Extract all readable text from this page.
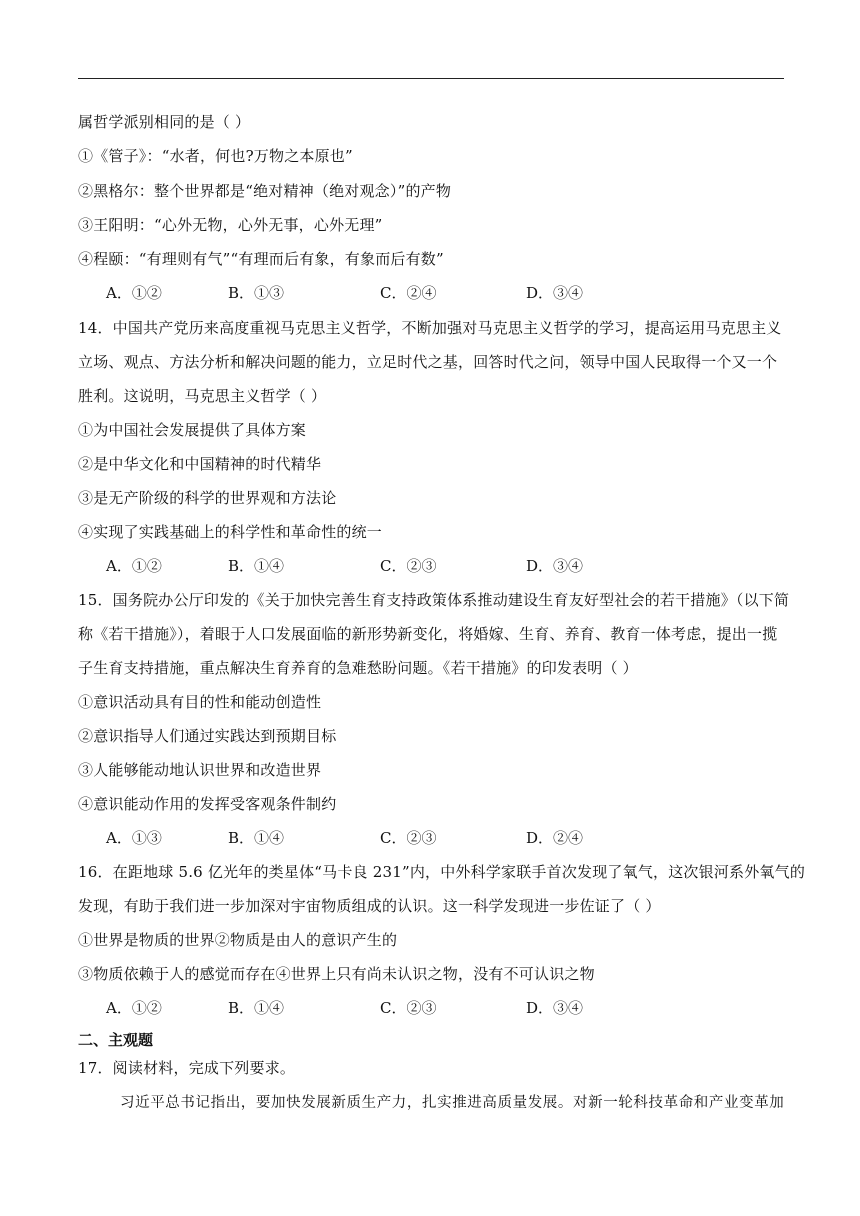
属哲学派别相同的是（ ）
①《管子》：“水者，何也?万物之本原也”
②黑格尔：整个世界都是“绝对精神（绝对观念）”的产物
③王阳明：“心外无物，心外无事，心外无理”
④程颐：“有理则有气”“有理而后有象，有象而后有数”
A．①②	B．①③	C．②④	D．③④
14．中国共产党历来高度重视马克思主义哲学，不断加强对马克思主义哲学的学习，提高运用马克思主义
立场、观点、方法分析和解决问题的能力，立足时代之基，回答时代之问，领导中国人民取得一个又一个
胜利。这说明，马克思主义哲学（ ）
①为中国社会发展提供了具体方案
②是中华文化和中国精神的时代精华
③是无产阶级的科学的世界观和方法论
④实现了实践基础上的科学性和革命性的统一
A．①②	B．①④	C．②③	D．③④
15．国务院办公厅印发的《关于加快完善生育支持政策体系推动建设生育友好型社会的若干措施》（以下简
称《若干措施》），着眼于人口发展面临的新形势新变化，将婚嫁、生育、养育、教育一体考虑，提出一揽
子生育支持措施，重点解决生育养育的急难愁盼问题。《若干措施》的印发表明（ ）
①意识活动具有目的性和能动创造性
②意识指导人们通过实践达到预期目标
③人能够能动地认识世界和改造世界
④意识能动作用的发挥受客观条件制约
A．①③	B．①④	C．②③	D．②④
16．在距地球 5.6 亿光年的类星体“马卡良 231”内，中外科学家联手首次发现了氧气，这次银河系外氧气的
发现，有助于我们进一步加深对宇宙物质组成的认识。这一科学发现进一步佐证了（ ）
①世界是物质的世界②物质是由人的意识产生的
③物质依赖于人的感觉而存在④世界上只有尚未认识之物，没有不可认识之物
A．①②	B．①④	C．②③	D．③④
二、主观题
17．阅读材料，完成下列要求。
习近平总书记指出，要加快发展新质生产力，扎实推进高质量发展。对新一轮科技革命和产业变革加
